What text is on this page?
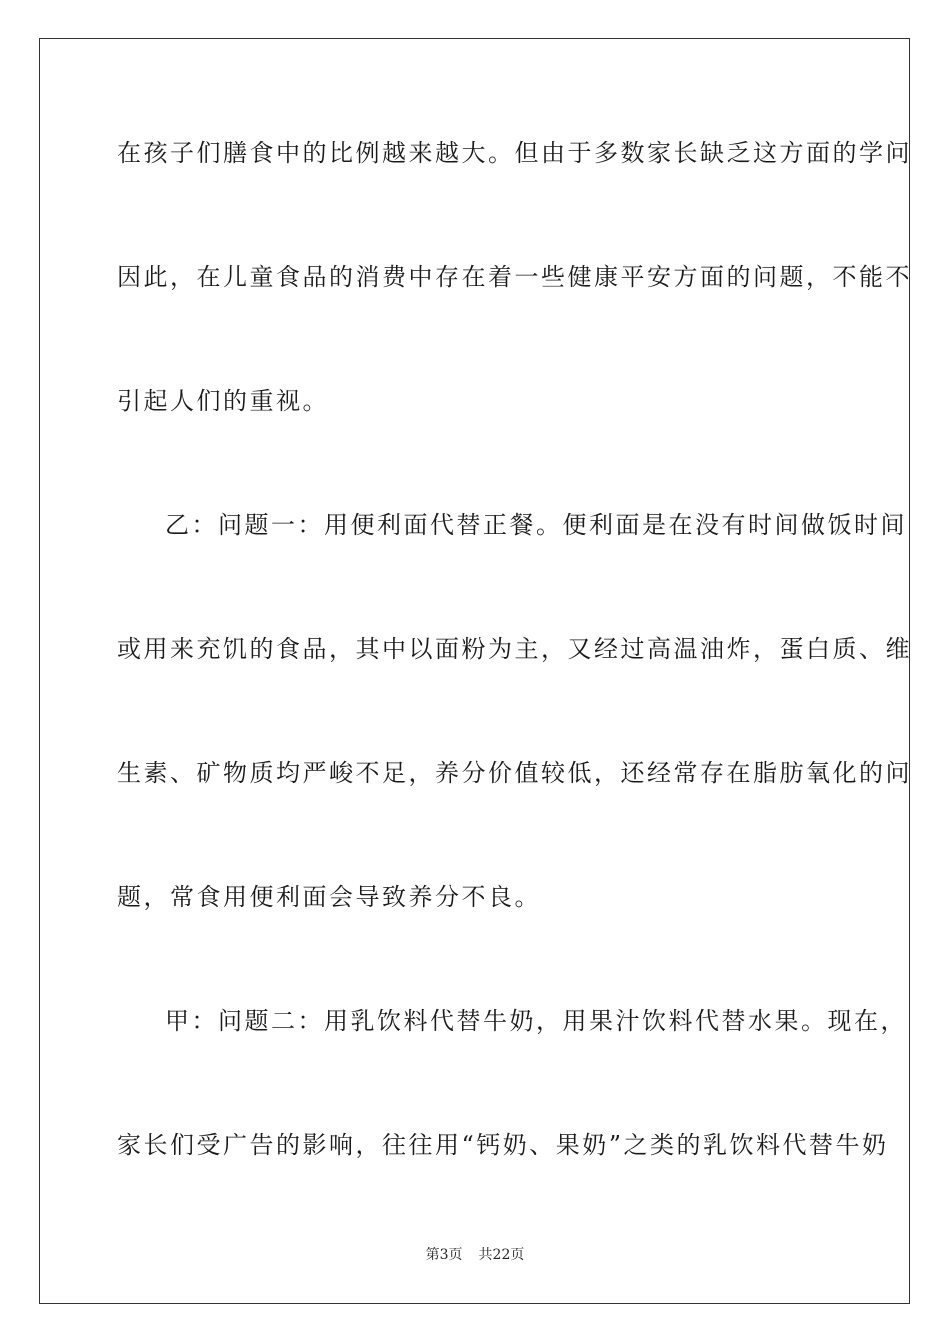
在孩子们膳食中的比例越来越大。但由于多数家长缺乏这方面的学问
因此，在儿童食品的消费中存在着一些健康平安方面的问题，不能不
引起人们的重视。
乙：问题一：用便利面代替正餐。便利面是在没有时间做饭时间
或用来充饥的食品，其中以面粉为主，又经过高温油炸，蛋白质、维
生素、矿物质均严峻不足，养分价值较低，还经常存在脂肪氧化的问
题，常食用便利面会导致养分不良。
甲：问题二：用乳饮料代替牛奶，用果汁饮料代替水果。现在，
家长们受广告的影响，往往用“钙奶、果奶”之类的乳饮料代替牛奶
第3页 共22页
